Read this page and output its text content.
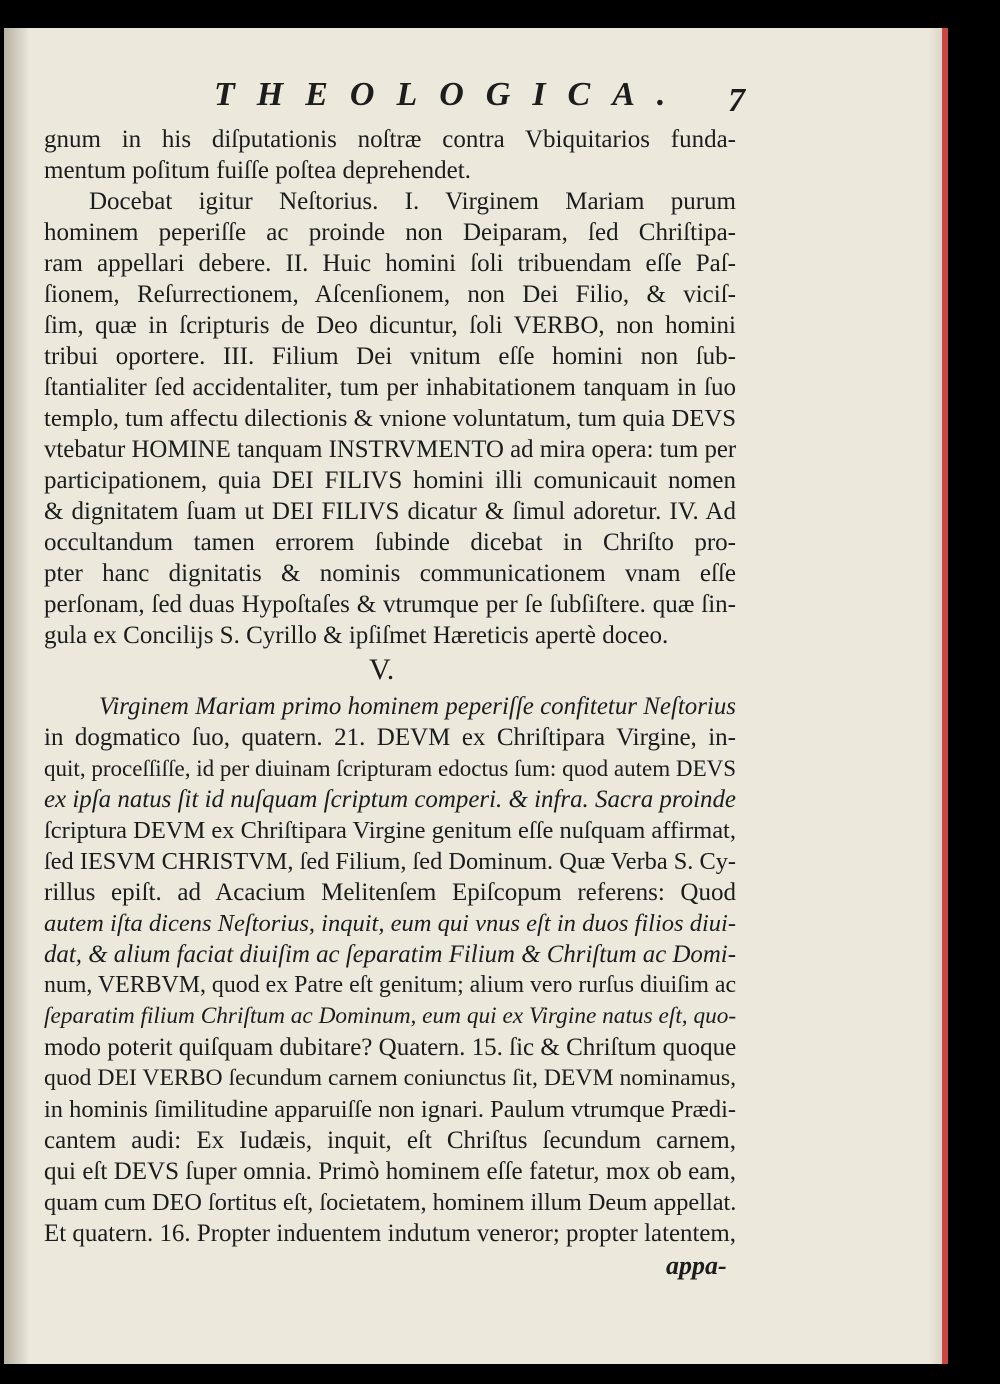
THEOLOGICA. 7
V.
appa-
gnum in his diſputationis noſtræ contra Vbiquitarios funda-
mentum poſitum fuiſſe poſtea deprehendet.
Docebat igitur Neſtorius. I. Virginem Mariam purum
hominem peperiſſe ac proinde non Deiparam, ſed Chriſtipa-
ram appellari debere. II. Huic homini ſoli tribuendam eſſe Paſ-
ſionem, Reſurrectionem, Aſcenſionem, non Dei Filio, & viciſ-
ſim, quæ in ſcripturis de Deo dicuntur, ſoli VERBO, non homini
tribui oportere. III. Filium Dei vnitum eſſe homini non ſub-
ſtantialiter ſed accidentaliter, tum per inhabitationem tanquam in ſuo
templo, tum affectu dilectionis & vnione voluntatum, tum quia DEVS
vtebatur HOMINE tanquam INSTRVMENTO ad mira opera: tum per
participationem, quia DEI FILIVS homini illi comunicauit nomen
& dignitatem ſuam ut DEI FILIVS dicatur & ſimul adoretur. IV. Ad
occultandum tamen errorem ſubinde dicebat in Chriſto pro-
pter hanc dignitatis & nominis communicationem vnam eſſe
perſonam, ſed duas Hypoſtaſes & vtrumque per ſe ſubſiſtere. quæ ſin-
gula ex Concilijs S. Cyrillo & ipſiſmet Hæreticis apertè doceo.
Virginem Mariam primo hominem peperiſſe confitetur Neſtorius
in dogmatico ſuo, quatern. 21. DEVM ex Chriſtipara Virgine, in-
quit, proceſſiſſe, id per diuinam ſcripturam edoctus ſum: quod autem DEVS
ex ipſa natus ſit id nuſquam ſcriptum comperi. & infra. Sacra proinde
ſcriptura DEVM ex Chriſtipara Virgine genitum eſſe nuſquam affirmat,
ſed IESVM CHRISTVM, ſed Filium, ſed Dominum. Quæ Verba S. Cy-
rillus epiſt. ad Acacium Melitenſem Epiſcopum referens: Quod
autem iſta dicens Neſtorius, inquit, eum qui vnus eſt in duos filios diui-
dat, & alium faciat diuiſim ac ſeparatim Filium & Chriſtum ac Domi-
num, VERBVM, quod ex Patre eſt genitum; alium vero rurſus diuiſim ac
ſeparatim filium Chriſtum ac Dominum, eum qui ex Virgine natus eſt, quo-
modo poterit quiſquam dubitare? Quatern. 15. ſic & Chriſtum quoque
quod DEI VERBO ſecundum carnem coniunctus ſit, DEVM nominamus,
in hominis ſimilitudine apparuiſſe non ignari. Paulum vtrumque Prædi-
cantem audi: Ex Iudæis, inquit, eſt Chriſtus ſecundum carnem,
qui eſt DEVS ſuper omnia. Primò hominem eſſe fatetur, mox ob eam,
quam cum DEO ſortitus eſt, ſocietatem, hominem illum Deum appellat.
Et quatern. 16. Propter induentem indutum veneror; propter latentem,
